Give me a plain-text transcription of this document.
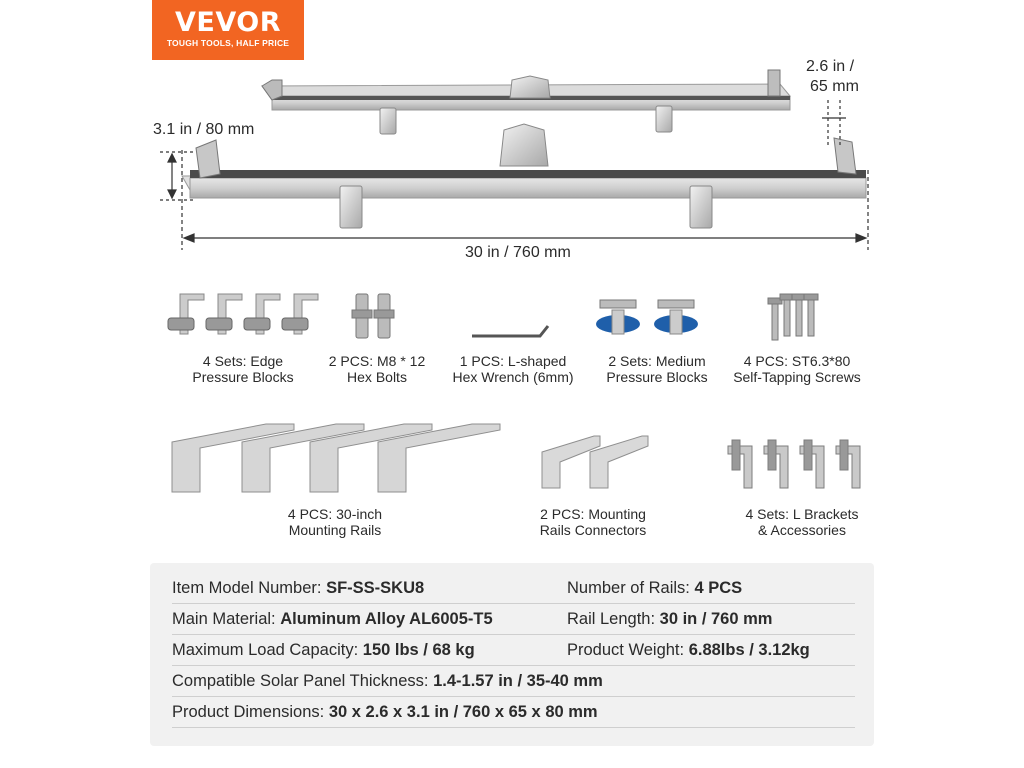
VEVOR
TOUGH TOOLS, HALF PRICE
2.6 in /
65 mm
3.1 in / 80 mm
30 in / 760 mm
4 Sets: Edge
Pressure Blocks
2 PCS: M8 * 12
Hex Bolts
1 PCS: L-shaped
Hex Wrench (6mm)
2 Sets: Medium
Pressure Blocks
4 PCS: ST6.3*80
Self-Tapping Screws
4 PCS: 30-inch
Mounting Rails
2 PCS: Mounting
Rails Connectors
4 Sets: L Brackets
& Accessories
Item Model Number: SF-SS-SKU8	Number of Rails: 4 PCS
Main Material: Aluminum Alloy AL6005-T5	Rail Length: 30 in / 760 mm
Maximum Load Capacity: 150 lbs / 68 kg	Product Weight: 6.88lbs / 3.12kg
Compatible Solar Panel Thickness: 1.4-1.57 in / 35-40 mm
Product Dimensions: 30 x 2.6 x 3.1 in / 760 x 65 x 80 mm
